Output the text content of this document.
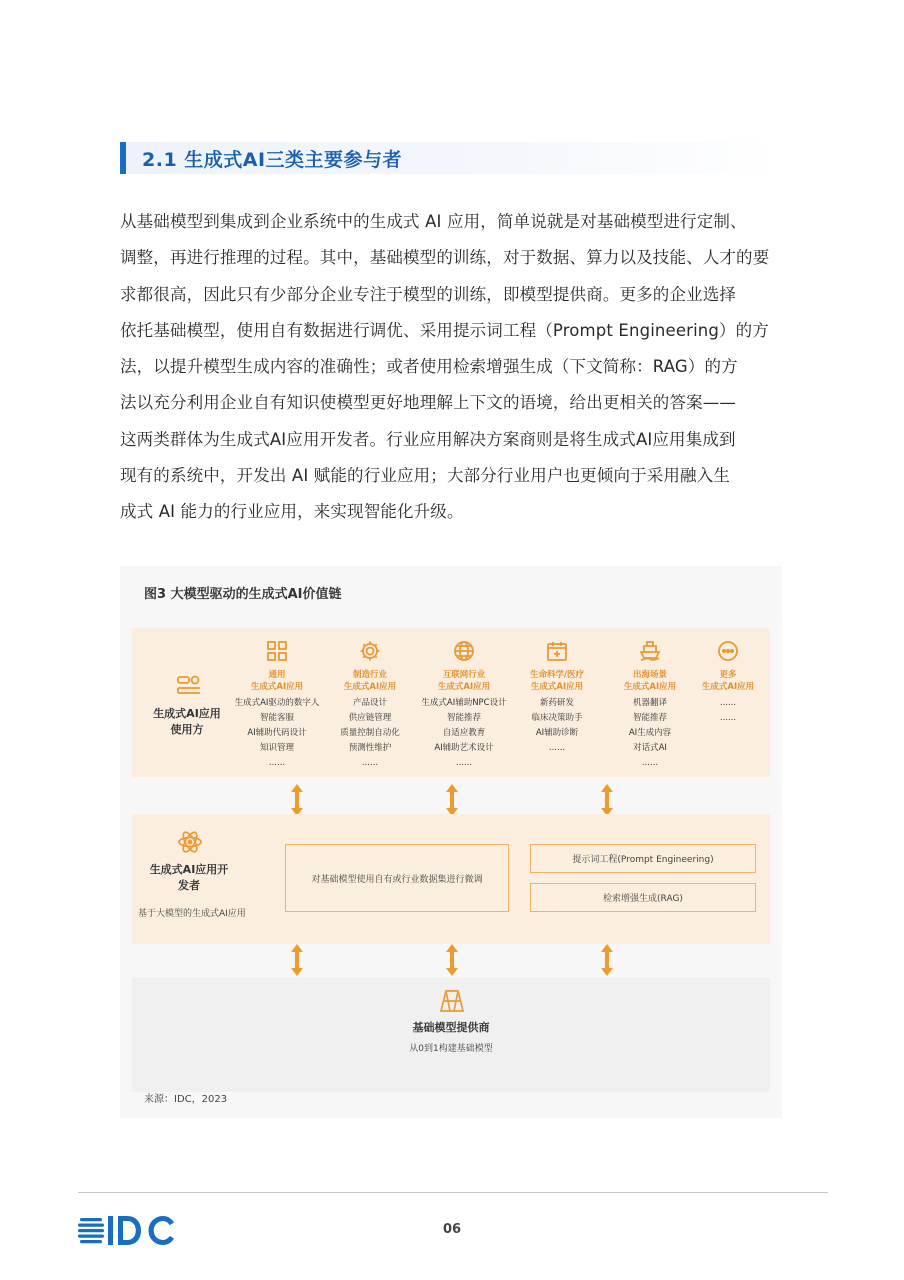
2.1 生成式AI三类主要参与者
从基础模型到集成到企业系统中的生成式 AI 应用，简单说就是对基础模型进行定制、
调整，再进行推理的过程。其中，基础模型的训练，对于数据、算力以及技能、人才的要
求都很高，因此只有少部分企业专注于模型的训练，即模型提供商。更多的企业选择
依托基础模型，使用自有数据进行调优、采用提示词工程（Prompt Engineering）的方
法，以提升模型生成内容的准确性；或者使用检索增强生成（下文简称：RAG）的方
法以充分利用企业自有知识使模型更好地理解上下文的语境，给出更相关的答案——
这两类群体为生成式AI应用开发者。行业应用解决方案商则是将生成式AI应用集成到
现有的系统中，开发出 AI 赋能的行业应用；大部分行业用户也更倾向于采用融入生
成式 AI 能力的行业应用，来实现智能化升级。
图3 大模型驱动的生成式AI价值链
生成式AI应用使用方
通用
生成式AI应用
生成式AI驱动的数字人
智能客服
AI辅助代码设计
知识管理
......
制造行业
生成式AI应用
产品设计
供应链管理
质量控制自动化
预测性维护
......
互联网行业
生成式AI应用
生成式AI辅助NPC设计
智能推荐
自适应教育
AI辅助艺术设计
......
生命科学/医疗
生成式AI应用
新药研发
临床决策助手
AI辅助诊断
......
出海场景
生成式AI应用
机器翻译
智能推荐
AI生成内容
对话式AI
......
更多
生成式AI应用
......
......
生成式AI应用开发者
基于大模型的生成式AI应用
对基础模型使用自有或行业数据集进行微调
提示词工程(Prompt Engineering)
检索增强生成(RAG)
基础模型提供商
从0到1构建基础模型
来源：IDC，2023
06
